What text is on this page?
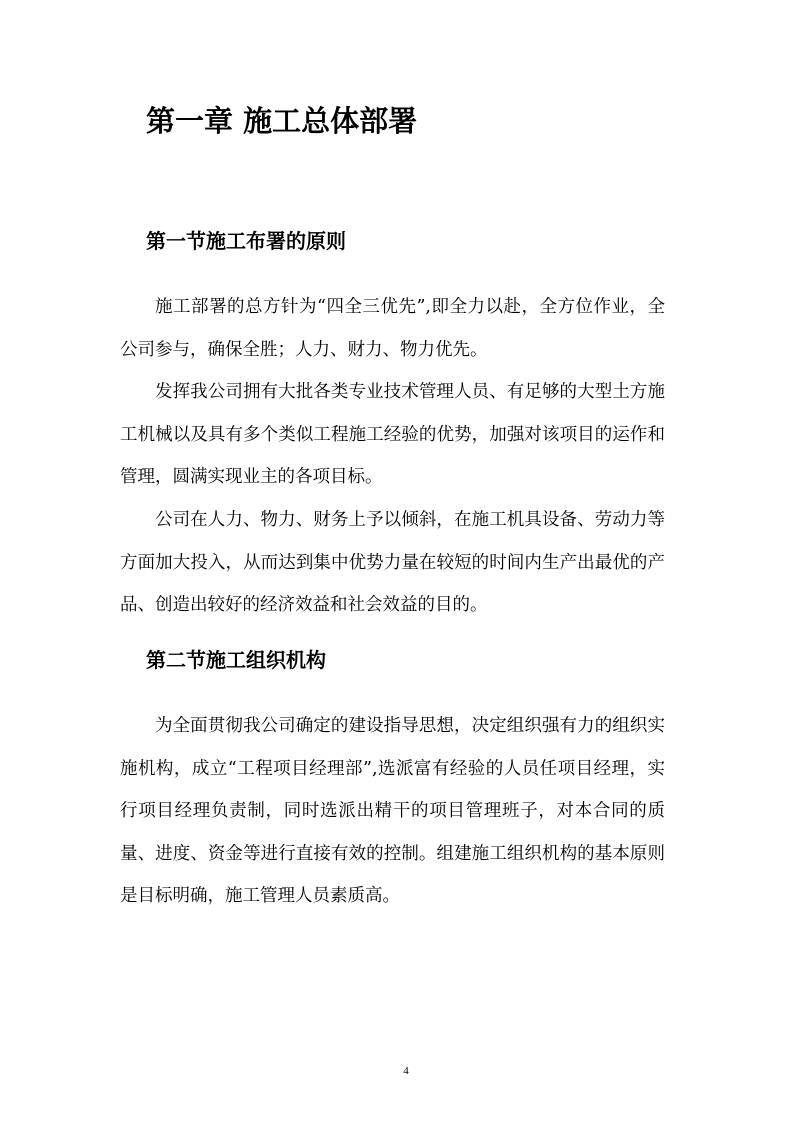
第一章 施工总体部署
第一节施工布署的原则

施工部署的总方针为“四全三优先”,即全力以赴，全方位作业，全公司参与，确保全胜；人力、财力、物力优先。

发挥我公司拥有大批各类专业技术管理人员、有足够的大型土方施工机械以及具有多个类似工程施工经验的优势，加强对该项目的运作和管理，圆满实现业主的各项目标。

公司在人力、物力、财务上予以倾斜，在施工机具设备、劳动力等方面加大投入，从而达到集中优势力量在较短的时间内生产出最优的产品、创造出较好的经济效益和社会效益的目的。

第二节施工组织机构

为全面贯彻我公司确定的建设指导思想，决定组织强有力的组织实施机构，成立“工程项目经理部”,选派富有经验的人员任项目经理，实行项目经理负责制，同时选派出精干的项目管理班子，对本合同的质量、进度、资金等进行直接有效的控制。组建施工组织机构的基本原则是目标明确，施工管理人员素质高。

4
